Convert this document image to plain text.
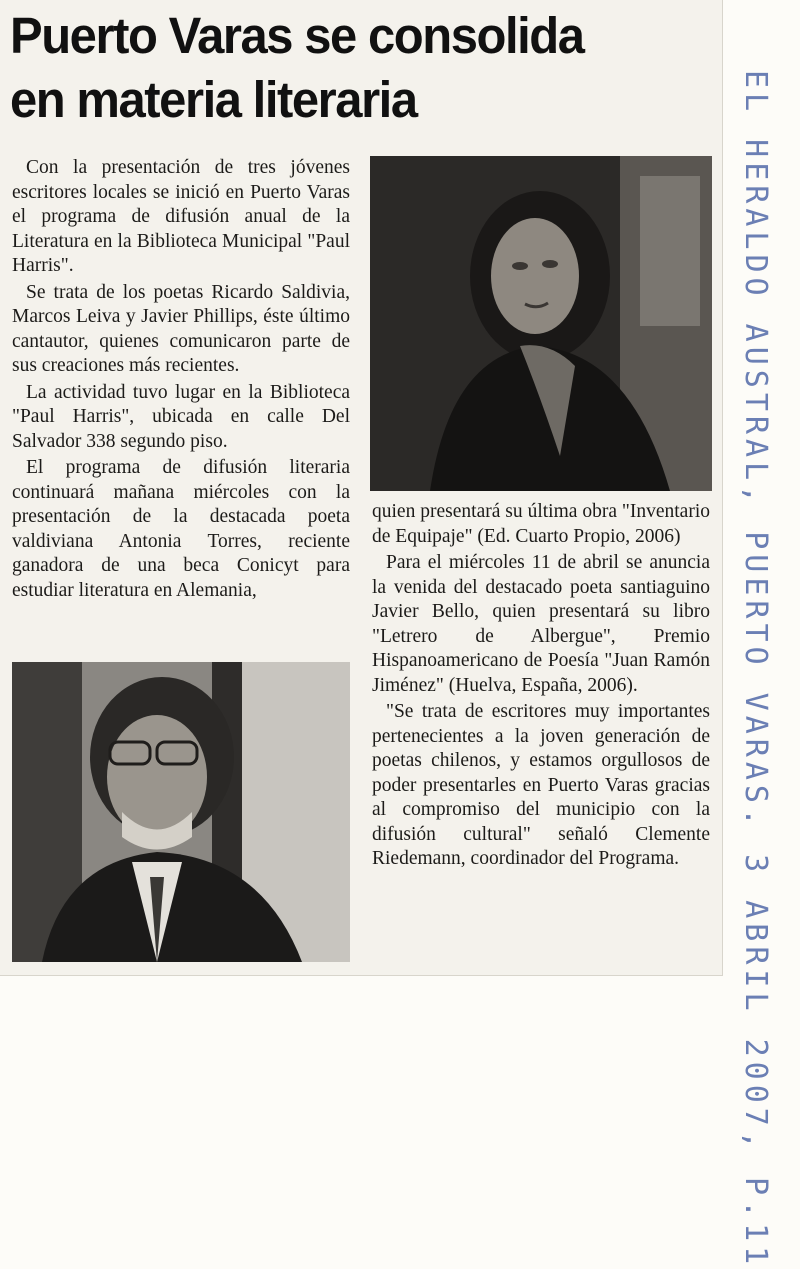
Puerto Varas se consolida
en materia literaria

Con la presentación de tres jóvenes escritores locales se inició en Puerto Varas el programa de difusión anual de la Literatura en la Biblioteca Municipal "Paul Harris".

Se trata de los poetas Ricardo Saldivia, Marcos Leiva y Javier Phillips, éste último cantautor, quienes comunicaron parte de sus creaciones más recientes.

La actividad tuvo lugar en la Biblioteca "Paul Harris", ubicada en calle Del Salvador 338 segundo piso.

El programa de difusión literaria continuará mañana miércoles con la presentación de la destacada poeta valdiviana Antonia Torres, reciente ganadora de una beca Conicyt para estudiar literatura en Alemania,

quien presentará su última obra "Inventario de Equipaje" (Ed. Cuarto Propio, 2006)

Para el miércoles 11 de abril se anuncia la venida del destacado poeta santiaguino Javier Bello, quien presentará su libro "Letrero de Albergue", Premio Hispanoamericano de Poesía "Juan Ramón Jiménez" (Huelva, España, 2006).

"Se trata de escritores muy importantes pertenecientes a la joven generación de poetas chilenos, y estamos orgullosos de poder presentarles en Puerto Varas gracias al compromiso del municipio con la difusión cultural" señaló Clemente Riedemann, coordinador del Programa.	EL HERALDO AUSTRAL, PUERTO VARAS. 3 ABRIL 2007, P.11
